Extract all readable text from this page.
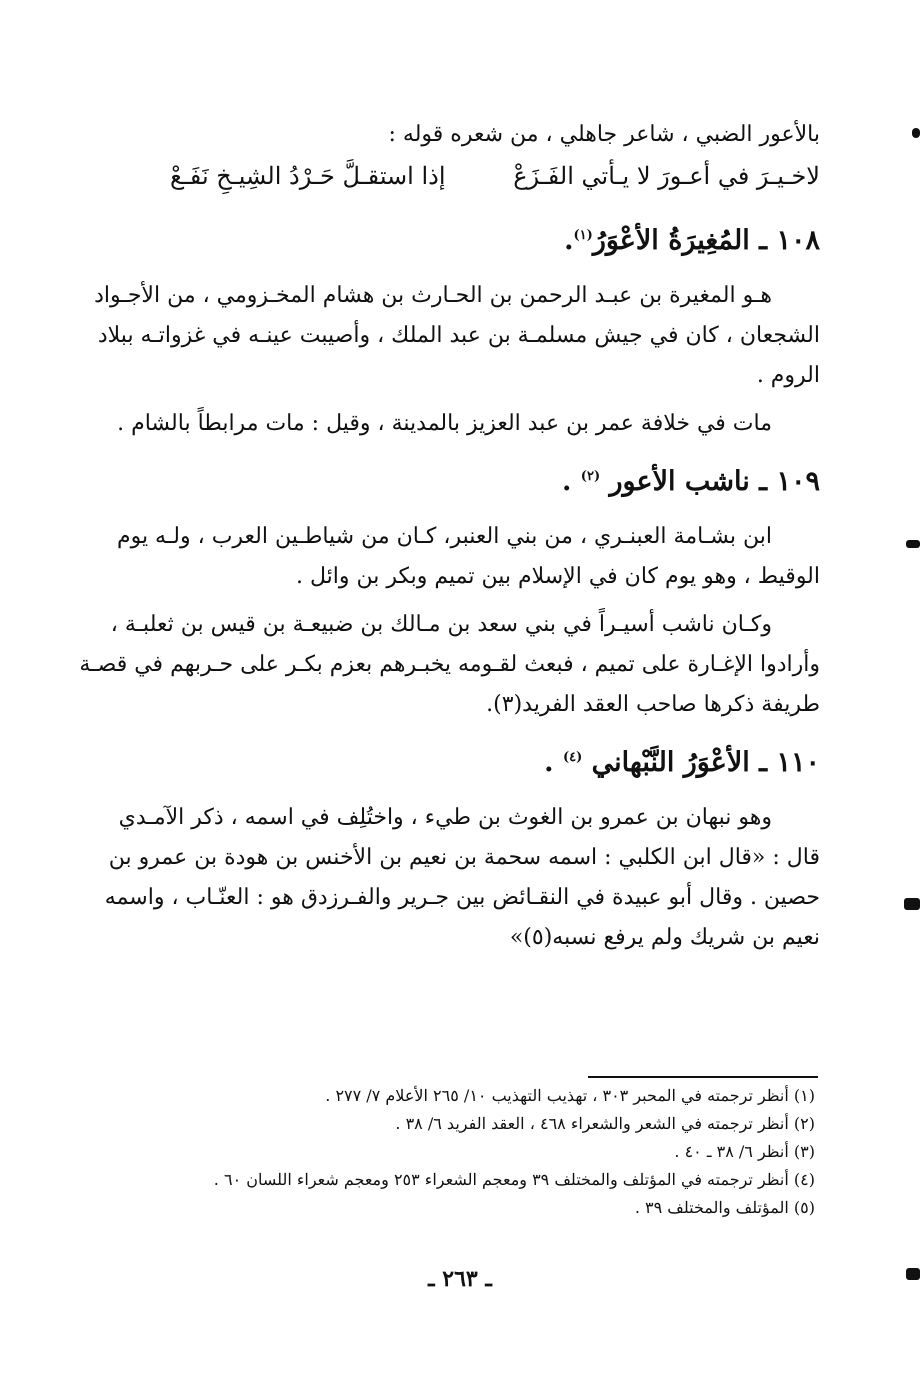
بالأعور الضبي ، شاعر جاهلي ، من شعره قوله :

لاخـيـرَ في أعـورَ لا يـأتي الفَـزَعْ
إذا استقـلَّ حَـرْدُ الشِيـخِ نَفَـعْ
١٠٨ ـ المُغِيرَةُ الأعْوَرُ$^{(١)}$.

هـو المغيرة بن عبـد الرحمن بن الحـارث بن هشام المخـزومي ، من الأجـواد

الشجعان ، كان في جيش مسلمـة بن عبد الملك ، وأصيبت عينـه في غزواتـه ببلاد

الروم .

مات في خلافة عمر بن عبد العزيز بالمدينة ، وقيل : مات مرابطاً بالشام .

١٠٩ ـ ناشب الأعور $^{(٢)}$ .

ابن بشـامة العبنـري ، من بني العنبر، كـان من شياطـين العرب ، ولـه يوم

الوقيط ، وهو يوم كان في الإسلام بين تميم وبكر بن وائل .

وكـان ناشب أسيـراً في بني سعد بن مـالك بن ضبيعـة بن قيس بن ثعلبـة ،

وأرادوا الإغـارة على تميم ، فبعث لقـومه يخبـرهم بعزم بكـر على حـربهم في قصـة

طريفة ذكرها صاحب العقد الفريد(٣).

١١٠ ـ الأعْوَرُ النَّبْهاني $^{(٤)}$ .

وهو نبهان بن عمرو بن الغوث بن طيء ، واختُلِف في اسمه ، ذكر الآمـدي

قال : «قال ابن الكلبي : اسمه سحمة بن نعيم بن الأخنس بن هودة بن عمرو بن

حصين . وقال أبو عبيدة في النقـائض بين جـرير والفـرزدق هو : العنّـاب ، واسمه

نعيم بن شريك ولم يرفع نسبه(٥)»

(١) أنظر ترجمته في المحبر ٣٠٣ ، تهذيب التهذيب ١٠/ ٢٦٥ الأعلام ٧/ ٢٧٧ .
(٢) أنظر ترجمته في الشعر والشعراء ٤٦٨ ، العقد الفريد ٦/ ٣٨ .
(٣) أنظر ٦/ ٣٨ ـ ٤٠ .
(٤) أنظر ترجمته في المؤتلف والمختلف ٣٩ ومعجم الشعراء ٢٥٣ ومعجم شعراء اللسان ٦٠ .
(٥) المؤتلف والمختلف ٣٩ .
ـ ٢٦٣ ـ
